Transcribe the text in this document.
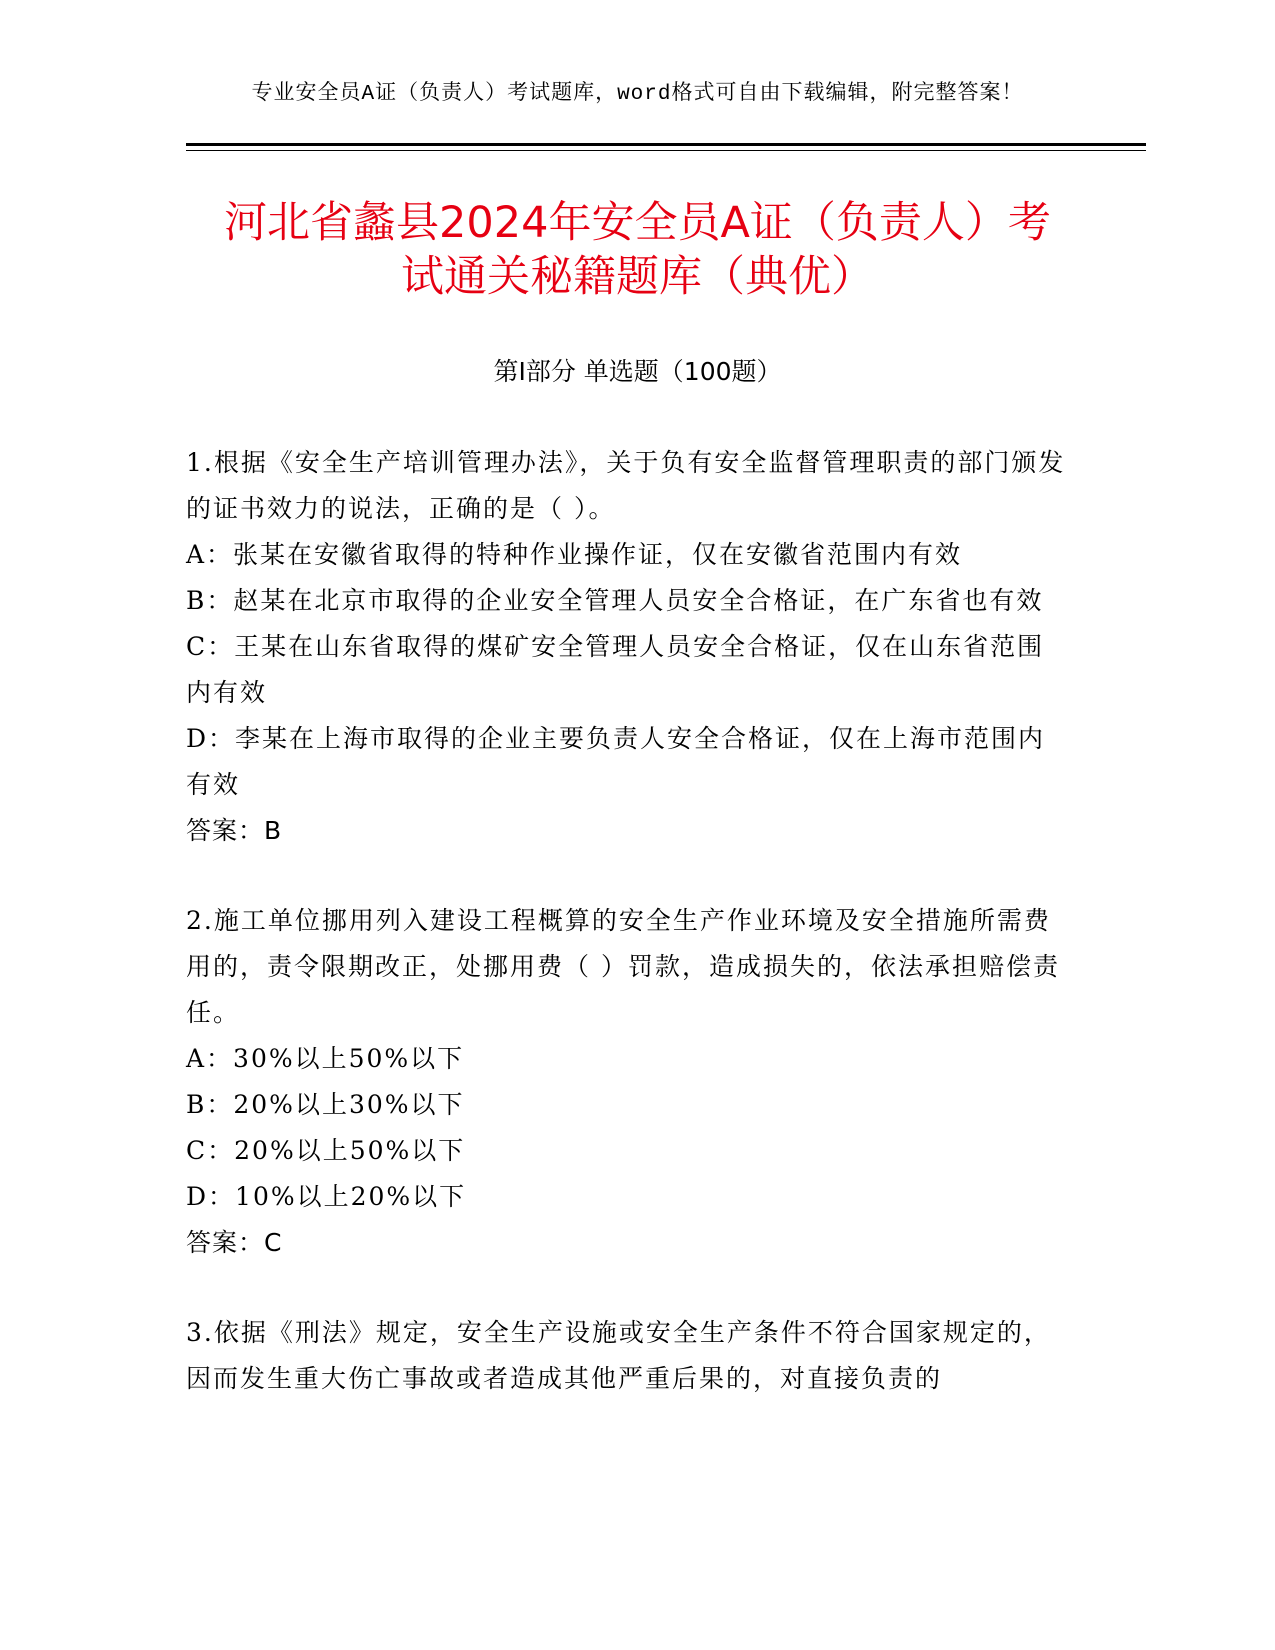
专业安全员A证（负责人）考试题库，word格式可自由下载编辑，附完整答案！
河北省蠡县2024年安全员A证（负责人）考
试通关秘籍题库（典优）
第Ⅰ部分 单选题（100题）

1.根据《安全生产培训管理办法》，关于负有安全监督管理职责的部门颁发的证书效力的说法，正确的是（ ）。

A：张某在安徽省取得的特种作业操作证，仅在安徽省范围内有效

B：赵某在北京市取得的企业安全管理人员安全合格证，在广东省也有效

C：王某在山东省取得的煤矿安全管理人员安全合格证，仅在山东省范围内有效

D：李某在上海市取得的企业主要负责人安全合格证，仅在上海市范围内有效

答案：B

2.施工单位挪用列入建设工程概算的安全生产作业环境及安全措施所需费用的，责令限期改正，处挪用费（ ）罚款，造成损失的，依法承担赔偿责任。

A：30%以上50%以下

B：20%以上30%以下

C：20%以上50%以下

D：10%以上20%以下

答案：C

3.依据《刑法》规定，安全生产设施或安全生产条件不符合国家规定的，因而发生重大伤亡事故或者造成其他严重后果的，对直接负责的
